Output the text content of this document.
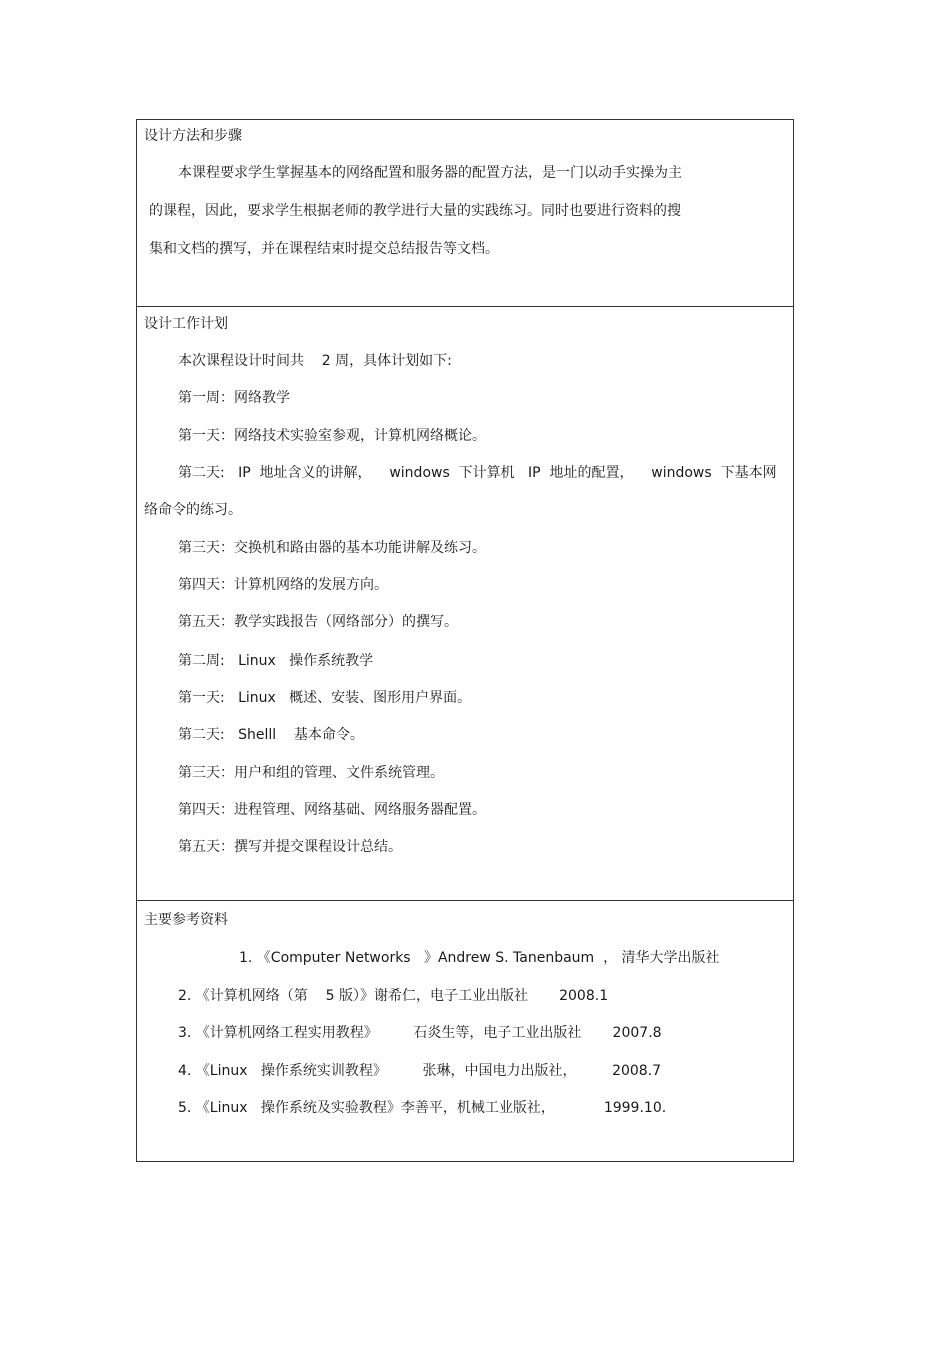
设计方法和步骤
本课程要求学生掌握基本的网络配置和服务器的配置方法，是一门以动手实操为主
的课程，因此，要求学生根据老师的教学进行大量的实践练习。同时也要进行资料的搜
集和文档的撰写，并在课程结束时提交总结报告等文档。
设计工作计划
本次课程设计时间共    2 周，具体计划如下:
第一周：网络教学
第一天：网络技术实验室参观，计算机网络概论。
第二天:   IP  地址含义的讲解，    windows  下计算机   IP  地址的配置，    windows  下基本网
络命令的练习。
第三天：交换机和路由器的基本功能讲解及练习。
第四天：计算机网络的发展方向。
第五天：教学实践报告（网络部分）的撰写。
第二周:   Linux   操作系统教学
第一天:   Linux   概述、安装、图形用户界面。
第二天:   Shelll    基本命令。
第三天：用户和组的管理、文件系统管理。
第四天：进程管理、网络基础、网络服务器配置。
第五天：撰写并提交课程设计总结。
主要参考资料
1. 《Computer Networks   》Andrew S. Tanenbaum  ， 清华大学出版社
2. 《计算机网络（第    5 版）》谢希仁，电子工业出版社       2008.1
3. 《计算机网络工程实用教程》        石炎生等，电子工业出版社       2007.8
4. 《Linux   操作系统实训教程》        张琳，中国电力出版社，        2008.7
5. 《Linux   操作系统及实验教程》李善平，机械工业版社，           1999.10.
